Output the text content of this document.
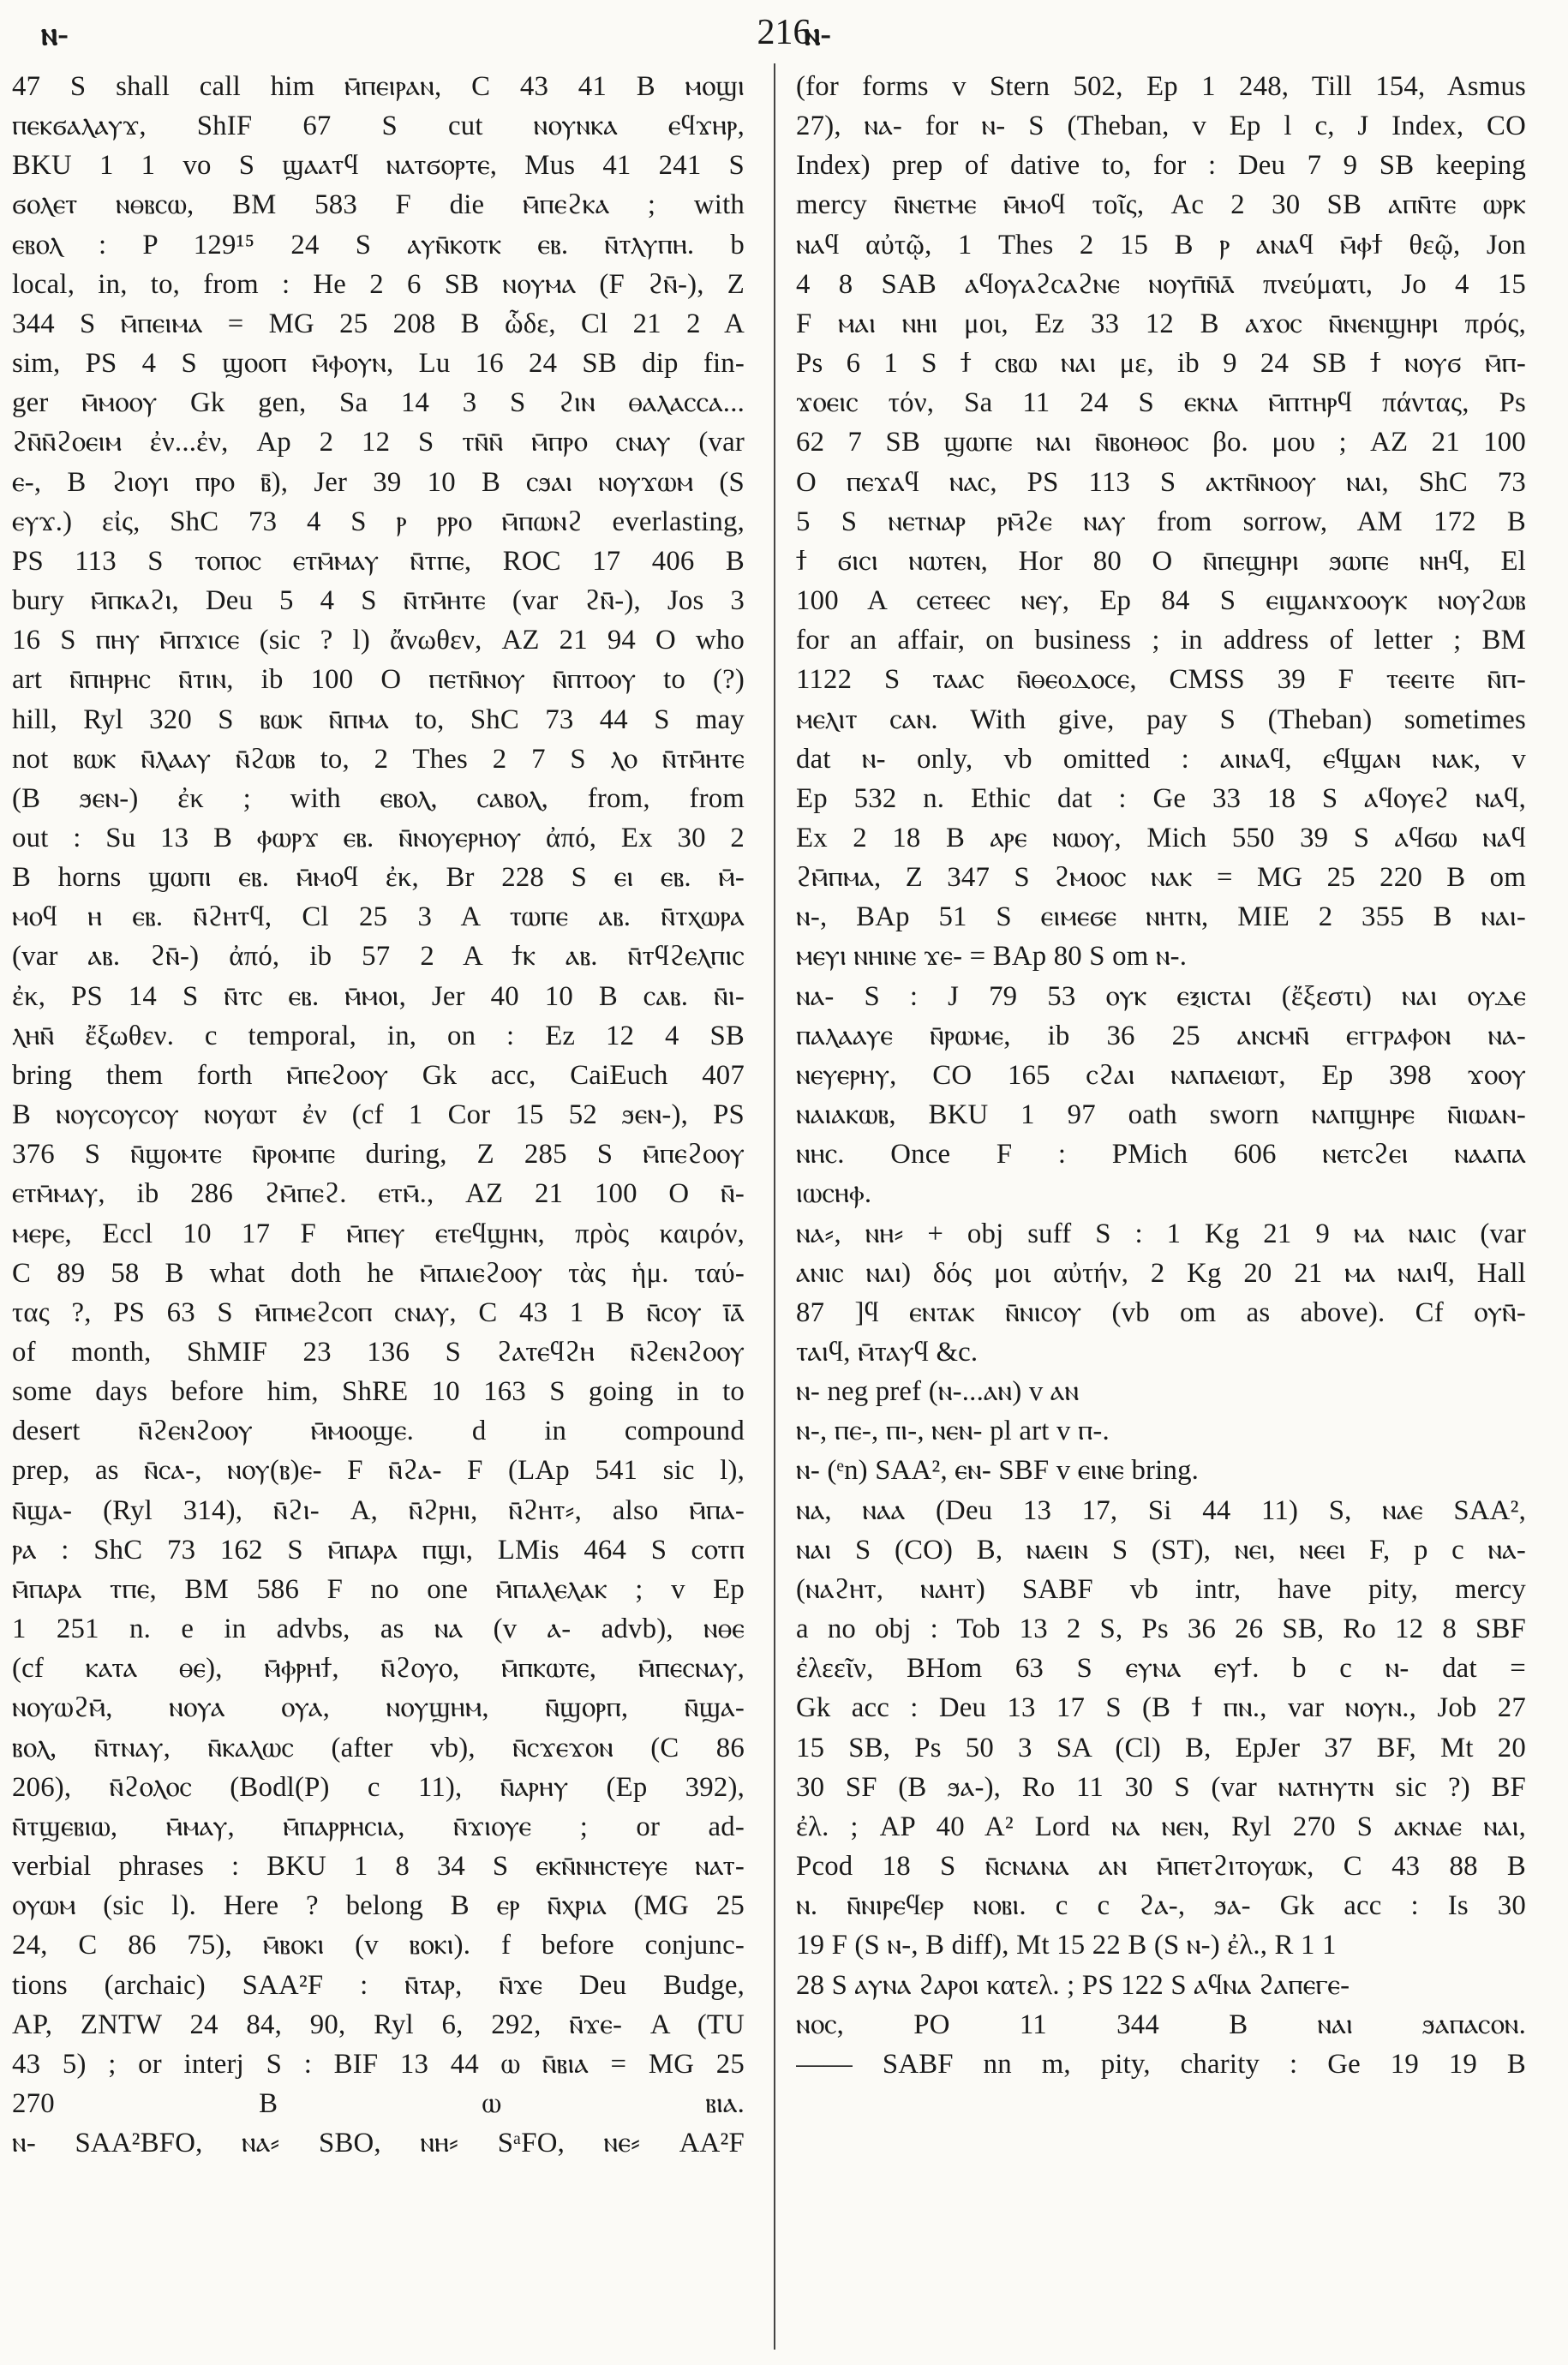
ⲛ-	216
ⲛ-
47 S shall call him ⲙ̄ⲡⲉⲓⲣⲁⲛ, C 43 41 B ⲙⲟϣⲓ
ⲡⲉⲕϭⲁⲗⲁⲩϫ, ShIF 67 S cut ⲛⲟⲩⲛⲕⲁ ⲉϥϫⲏⲣ,
BKU 1 1 vo S ϣⲁⲁⲧϥ ⲛⲁⲧϭⲟⲣⲧⲉ, Mus 41 241 S
ϭⲟⲗⲉⲧ ⲛⲑⲃⲥⲱ, BM 583 F die ⲙ̄ⲡⲉϩⲕⲁ ; with
ⲉⲃⲟⲗ : P 129¹⁵ 24 S ⲁⲩⲛ̄ⲕⲟⲧⲕ ⲉⲃ. ⲛ̄ⲧⲗⲩⲡⲏ. b
local, in, to, from : He 2 6 SB ⲛⲟⲩⲙⲁ (F ϩⲛ̄-), Z
344 S ⲙ̄ⲡⲉⲓⲙⲁ = MG 25 208 B ὧδε, Cl 21 2 A
sim, PS 4 S ϣⲟⲟⲡ ⲙ̄ⲫⲟⲩⲛ, Lu 16 24 SB dip fin-
ger ⲙ̄ⲙⲟⲟⲩ Gk gen, Sa 14 3 S ϩⲓⲛ ⲑⲁⲗⲁⲥⲥⲁ...
ϩⲛ̄ⲛ̄ϩⲟⲉⲓⲙ ἐν...ἐν, Ap 2 12 S ⲧⲛ̄ⲛ̄ ⲙ̄ⲡⲣⲟ ⲥⲛⲁⲩ (var
ⲉ-, B ϩⲓⲟⲩⲓ ⲡⲣⲟ ⲃ̄), Jer 39 10 B ⲥϧⲁⲓ ⲛⲟⲩϫⲱⲙ (S
ⲉⲩϫ.) εἰς, ShC 73 4 S ⲣ ⲣⲣⲟ ⲙ̄ⲡⲱⲛϩ everlasting,
PS 113 S ⲧⲟⲡⲟⲥ ⲉⲧⲙ̄ⲙⲁⲩ ⲛ̄ⲧⲡⲉ, ROC 17 406 B
bury ⲙ̄ⲡⲕⲁϩⲓ, Deu 5 4 S ⲛ̄ⲧⲙ̄ⲏⲧⲉ (var ϩⲛ̄-), Jos 3
16 S ⲡⲏⲩ ⲙ̄ⲡϫⲓⲥⲉ (sic ? l) ἄνωθεν, AZ 21 94 O who
art ⲛ̄ⲡⲏⲣⲏⲥ ⲛ̄ⲧⲓⲛ, ib 100 O ⲡⲉⲧⲛ̄ⲛⲟⲩ ⲛ̄ⲡⲧⲟⲟⲩ to (?)
hill, Ryl 320 S ⲃⲱⲕ ⲛ̄ⲡⲙⲁ to, ShC 73 44 S may
not ⲃⲱⲕ ⲛ̄ⲗⲁⲁⲩ ⲛ̄ϩⲱⲃ to, 2 Thes 2 7 S ⲗⲟ ⲛ̄ⲧⲙ̄ⲏⲧⲉ
(B ϧⲉⲛ-) ἐκ ; with ⲉⲃⲟⲗ, ⲥⲁⲃⲟⲗ, from, from
out : Su 13 B ⲫⲱⲣϫ ⲉⲃ. ⲛ̄ⲛⲟⲩⲉⲣⲏⲟⲩ ἀπό, Ex 30 2
B horns ϣⲱⲡⲓ ⲉⲃ. ⲙ̄ⲙⲟϥ ἐκ, Br 228 S ⲉⲓ ⲉⲃ. ⲙ̄-
ⲙⲟϥ ⲏ ⲉⲃ. ⲛ̄ϩⲏⲧϥ, Cl 25 3 A ⲧⲱⲡⲉ ⲁⲃ. ⲛ̄ⲧⲭⲱⲣⲁ
(var ⲁⲃ. ϩⲛ̄-) ἀπό, ib 57 2 A ϯⲕ ⲁⲃ. ⲛ̄ⲧϥϩⲉⲗⲡⲓⲥ
ἐκ, PS 14 S ⲛ̄ⲧⲥ ⲉⲃ. ⲙ̄ⲙⲟⲓ, Jer 40 10 B ⲥⲁⲃ. ⲛ̄ⲓ-
ⲗⲏⲛ̄ ἔξωθεν. c temporal, in, on : Ez 12 4 SB
bring them forth ⲙ̄ⲡⲉϩⲟⲟⲩ Gk acc, CaiEuch 407
B ⲛⲟⲩⲥⲟⲩⲥⲟⲩ ⲛⲟⲩⲱⲧ ἐν (cf 1 Cor 15 52 ϧⲉⲛ-), PS
376 S ⲛ̄ϣⲟⲙⲧⲉ ⲛ̄ⲣⲟⲙⲡⲉ during, Z 285 S ⲙ̄ⲡⲉϩⲟⲟⲩ
ⲉⲧⲙ̄ⲙⲁⲩ, ib 286 ϩⲙ̄ⲡⲉϩ. ⲉⲧⲙ̄., AZ 21 100 O ⲛ̄-
ⲙⲉⲣⲉ, Eccl 10 17 F ⲙ̄ⲡⲉⲩ ⲉⲧⲉϥϣⲏⲛ, πρὸς καιρόν,
C 89 58 B what doth he ⲙ̄ⲡⲁⲓⲉϩⲟⲟⲩ τὰς ἡμ. ταύ-
τας ?, PS 63 S ⲙ̄ⲡⲙⲉϩⲥⲟⲡ ⲥⲛⲁⲩ, C 43 1 B ⲛ̄ⲥⲟⲩ ⲓ̄ⲁ̄
of month, ShMIF 23 136 S ϩⲁⲧⲉϥϩⲏ ⲛ̄ϩⲉⲛϩⲟⲟⲩ
some days before him, ShRE 10 163 S going in to
desert ⲛ̄ϩⲉⲛϩⲟⲟⲩ ⲙ̄ⲙⲟⲟϣⲉ. d in compound
prep, as ⲛ̄ⲥⲁ-, ⲛⲟⲩ(ⲃ)ⲉ- F ⲛ̄ϩⲁ- F (LAp 541 sic l),
ⲛ̄ϣⲁ- (Ryl 314), ⲛ̄ϩⲓ- A, ⲛ̄ϩⲣⲏⲓ, ⲛ̄ϩⲏⲧ⸗, also ⲙ̄ⲡⲁ-
ⲣⲁ : ShC 73 162 S ⲙ̄ⲡⲁⲣⲁ ⲡϣⲓ, LMis 464 S ⲥⲟⲧⲡ
ⲙ̄ⲡⲁⲣⲁ ⲧⲡⲉ, BM 586 F no one ⲙ̄ⲡⲁⲗⲉⲗⲁⲕ ; v Ep
1 251 n. e in advbs, as ⲛⲁ (v ⲁ- advb), ⲛⲑⲉ
(cf ⲕⲁⲧⲁ ⲑⲉ), ⲙ̄ⲫⲣⲏϯ, ⲛ̄ϩⲟⲩⲟ, ⲙ̄ⲡⲕⲱⲧⲉ, ⲙ̄ⲡⲉⲥⲛⲁⲩ,
ⲛⲟⲩⲱϩⲙ̄, ⲛⲟⲩⲁ ⲟⲩⲁ, ⲛⲟⲩϣⲏⲙ, ⲛ̄ϣⲟⲣⲡ, ⲛ̄ϣⲁ-
ⲃⲟⲗ, ⲛ̄ⲧⲛⲁⲩ, ⲛ̄ⲕⲁⲗⲱⲥ (after vb), ⲛ̄ⲥϫⲉϫⲟⲛ (C 86
206), ⲛ̄ϩⲟⲗⲟⲥ (Bodl(P) c 11), ⲛ̄ⲁⲣⲏⲩ (Ep 392),
ⲛ̄ⲧϣⲉⲃⲓⲱ, ⲙ̄ⲙⲁⲩ, ⲙ̄ⲡⲁⲣⲣⲏⲥⲓⲁ, ⲛ̄ϫⲓⲟⲩⲉ ; or ad-
verbial phrases : BKU 1 8 34 S ⲉⲕⲛ̄ⲛⲏⲥⲧⲉⲩⲉ ⲛⲁⲧ-
ⲟⲩⲱⲙ (sic l). Here ? belong B ⲉⲣ ⲛ̄ⲭⲣⲓⲁ (MG 25
24, C 86 75), ⲙ̄ⲃⲟⲕⲓ (v ⲃⲟⲕⲓ). f before conjunc-
tions (archaic) SAA²F : ⲛ̄ⲧⲁⲣ, ⲛ̄ϫⲉ Deu Budge,
AP, ZNTW 24 84, 90, Ryl 6, 292, ⲛ̄ϫⲉ- A (TU
43 5) ; or interj S : BIF 13 44 ⲱ ⲛ̄ⲃⲓⲁ = MG 25
270 B ⲱ ⲃⲓⲁ.
ⲛ- SAA²BFO, ⲛⲁ⸗ SBO, ⲛⲏ⸗ SᵃFO, ⲛⲉ⸗ AA²F
(for forms v Stern 502, Ep 1 248, Till 154, Asmus
27), ⲛⲁ- for ⲛ- S (Theban, v Ep l c, J Index, CO
Index) prep of dative to, for : Deu 7 9 SB keeping
mercy ⲛ̄ⲛⲉⲧⲙⲉ ⲙ̄ⲙⲟϥ τοῖς, Ac 2 30 SB ⲁⲡⲛ̄ⲧⲉ ⲱⲣⲕ
ⲛⲁϥ αὐτῷ, 1 Thes 2 15 B ⲣ ⲁⲛⲁϥ ⲙ̄ⲫϯ θεῷ, Jon
4 8 SAB ⲁϥⲟⲩⲁϩⲥⲁϩⲛⲉ ⲛⲟⲩⲡ̄ⲛ̄ⲁ̄ πνεύματι, Jo 4 15
F ⲙⲁⲓ ⲛⲏⲓ μοι, Ez 33 12 B ⲁϫⲟⲥ ⲛ̄ⲛⲉⲛϣⲏⲣⲓ πρός,
Ps 6 1 S ϯ ⲥⲃⲱ ⲛⲁⲓ με, ib 9 24 SB ϯ ⲛⲟⲩϭ ⲙ̄ⲡ-
ϫⲟⲉⲓⲥ τόν, Sa 11 24 S ⲉⲕⲛⲁ ⲙ̄ⲡⲧⲏⲣϥ πάντας, Ps
62 7 SB ϣⲱⲡⲉ ⲛⲁⲓ ⲛ̄ⲃⲟⲏⲑⲟⲥ βο. μου ; AZ 21 100
O ⲡⲉϫⲁϥ ⲛⲁⲥ, PS 113 S ⲁⲕⲧⲛ̄ⲛⲟⲟⲩ ⲛⲁⲓ, ShC 73
5 S ⲛⲉⲧⲛⲁⲣ ⲣⲙ̄ϩⲉ ⲛⲁⲩ from sorrow, AM 172 B
ϯ ϭⲓⲥⲓ ⲛⲱⲧⲉⲛ, Hor 80 O ⲛ̄ⲡⲉϣⲏⲣⲓ ϧⲱⲡⲉ ⲛⲏϥ, El
100 A ⲥⲉⲧⲉⲉⲥ ⲛⲉⲩ, Ep 84 S ⲉⲓϣⲁⲛϫⲟⲟⲩⲕ ⲛⲟⲩϩⲱⲃ
for an affair, on business ; in address of letter ; BM
1122 S ⲧⲁⲁⲥ ⲛ̄ⲑⲉⲟⲇⲟⲥⲉ, CMSS 39 F ⲧⲉⲉⲓⲧⲉ ⲛ̄ⲡ-
ⲙⲉⲗⲓⲧ ⲥⲁⲛ. With give, pay S (Theban) sometimes
dat ⲛ- only, vb omitted : ⲁⲓⲛⲁϥ, ⲉϥϣⲁⲛ ⲛⲁⲕ, v
Ep 532 n. Ethic dat : Ge 33 18 S ⲁϥⲟⲩⲉϩ ⲛⲁϥ,
Ex 2 18 B ⲁⲣⲉ ⲛⲱⲟⲩ, Mich 550 39 S ⲁϥϭⲱ ⲛⲁϥ
ϩⲙ̄ⲡⲙⲁ, Z 347 S ϩⲙⲟⲟⲥ ⲛⲁⲕ = MG 25 220 B om
ⲛ-, BAp 51 S ⲉⲓⲙⲉϭⲉ ⲛⲏⲧⲛ, MIE 2 355 B ⲛⲁⲓ-
ⲙⲉⲩⲓ ⲛⲏⲓⲛⲉ ϫⲉ- = BAp 80 S om ⲛ-.
ⲛⲁ- S : J 79 53 ⲟⲩⲕ ⲉⲝⲓⲥⲧⲁⲓ (ἔξεστι) ⲛⲁⲓ ⲟⲩⲇⲉ
ⲡⲁⲗⲁⲁⲩⲉ ⲛ̄ⲣⲱⲙⲉ, ib 36 25 ⲁⲛⲥⲙⲛ̄ ⲉⲅⲅⲣⲁⲫⲟⲛ ⲛⲁ-
ⲛⲉⲩⲉⲣⲏⲩ, CO 165 ⲥϩⲁⲓ ⲛⲁⲡⲁⲉⲓⲱⲧ, Ep 398 ϫⲟⲟⲩ
ⲛⲁⲓⲁⲕⲱⲃ, BKU 1 97 oath sworn ⲛⲁⲡϣⲏⲣⲉ ⲛ̄ⲓⲱⲁⲛ-
ⲛⲏⲥ. Once F : PMich 606 ⲛⲉⲧⲥϩⲉⲓ ⲛⲁⲁⲡⲁ
ⲓⲱⲥⲏⲫ.
ⲛⲁ⸗, ⲛⲏ⸗ + obj suff S : 1 Kg 21 9 ⲙⲁ ⲛⲁⲓⲥ (var
ⲁⲛⲓⲥ ⲛⲁⲓ) δός μοι αὐτήν, 2 Kg 20 21 ⲙⲁ ⲛⲁⲓϥ, Hall
87 ]ϥ ⲉⲛⲧⲁⲕ ⲛ̄ⲛⲓⲥⲟⲩ (vb om as above). Cf ⲟⲩⲛ̄-
ⲧⲁⲓϥ, ⲙ̄ⲧⲁⲩϥ &c.
ⲛ- neg pref (ⲛ-...ⲁⲛ) v ⲁⲛ
ⲛ-, ⲡⲉ-, ⲡⲓ-, ⲛⲉⲛ- pl art v ⲡ-.
ⲛ- (ᵉn) SAA², ⲉⲛ- SBF v ⲉⲓⲛⲉ bring.
ⲛⲁ, ⲛⲁⲁ (Deu 13 17, Si 44 11) S, ⲛⲁⲉ SAA²,
ⲛⲁⲓ S (CO) B, ⲛⲁⲉⲓⲛ S (ST), ⲛⲉⲓ, ⲛⲉⲉⲓ F, p c ⲛⲁ-
(ⲛⲁϩⲏⲧ, ⲛⲁⲏⲧ) SABF vb intr, have pity, mercy
a no obj : Tob 13 2 S, Ps 36 26 SB, Ro 12 8 SBF
ἐλεεῖν, BHom 63 S ⲉⲩⲛⲁ ⲉⲩϯ. b c ⲛ- dat =
Gk acc : Deu 13 17 S (B ϯ ⲡⲛ., var ⲛⲟⲩⲛ., Job 27
15 SB, Ps 50 3 SA (Cl) B, EpJer 37 BF, Mt 20
30 SF (B ϧⲁ-), Ro 11 30 S (var ⲛⲁⲧⲏⲩⲧⲛ sic ?) BF
ἐλ. ; AP 40 A² Lord ⲛⲁ ⲛⲉⲛ, Ryl 270 S ⲁⲕⲛⲁⲉ ⲛⲁⲓ,
Pcod 18 S ⲛ̄ⲥⲛⲁⲛⲁ ⲁⲛ ⲙ̄ⲡⲉⲧϩⲓⲧⲟⲩⲱⲕ, C 43 88 B
ⲛ. ⲛ̄ⲛⲓⲣⲉϥⲉⲣ ⲛⲟⲃⲓ. c c ϩⲁ-, ϧⲁ- Gk acc : Is 30
19 F (S ⲛ-, B diff), Mt 15 22 B (S ⲛ-) ἐλ., R 1 1
28 S ⲁⲩⲛⲁ ϩⲁⲣⲟⲓ κατελ. ; PS 122 S ⲁϥⲛⲁ ϩⲁⲡⲉⲅⲉ-
ⲛⲟⲥ, PO 11 344 B ⲛⲁⲓ ϧⲁⲡⲁⲥⲟⲛ.
—— SABF nn m, pity, charity : Ge 19 19 B
